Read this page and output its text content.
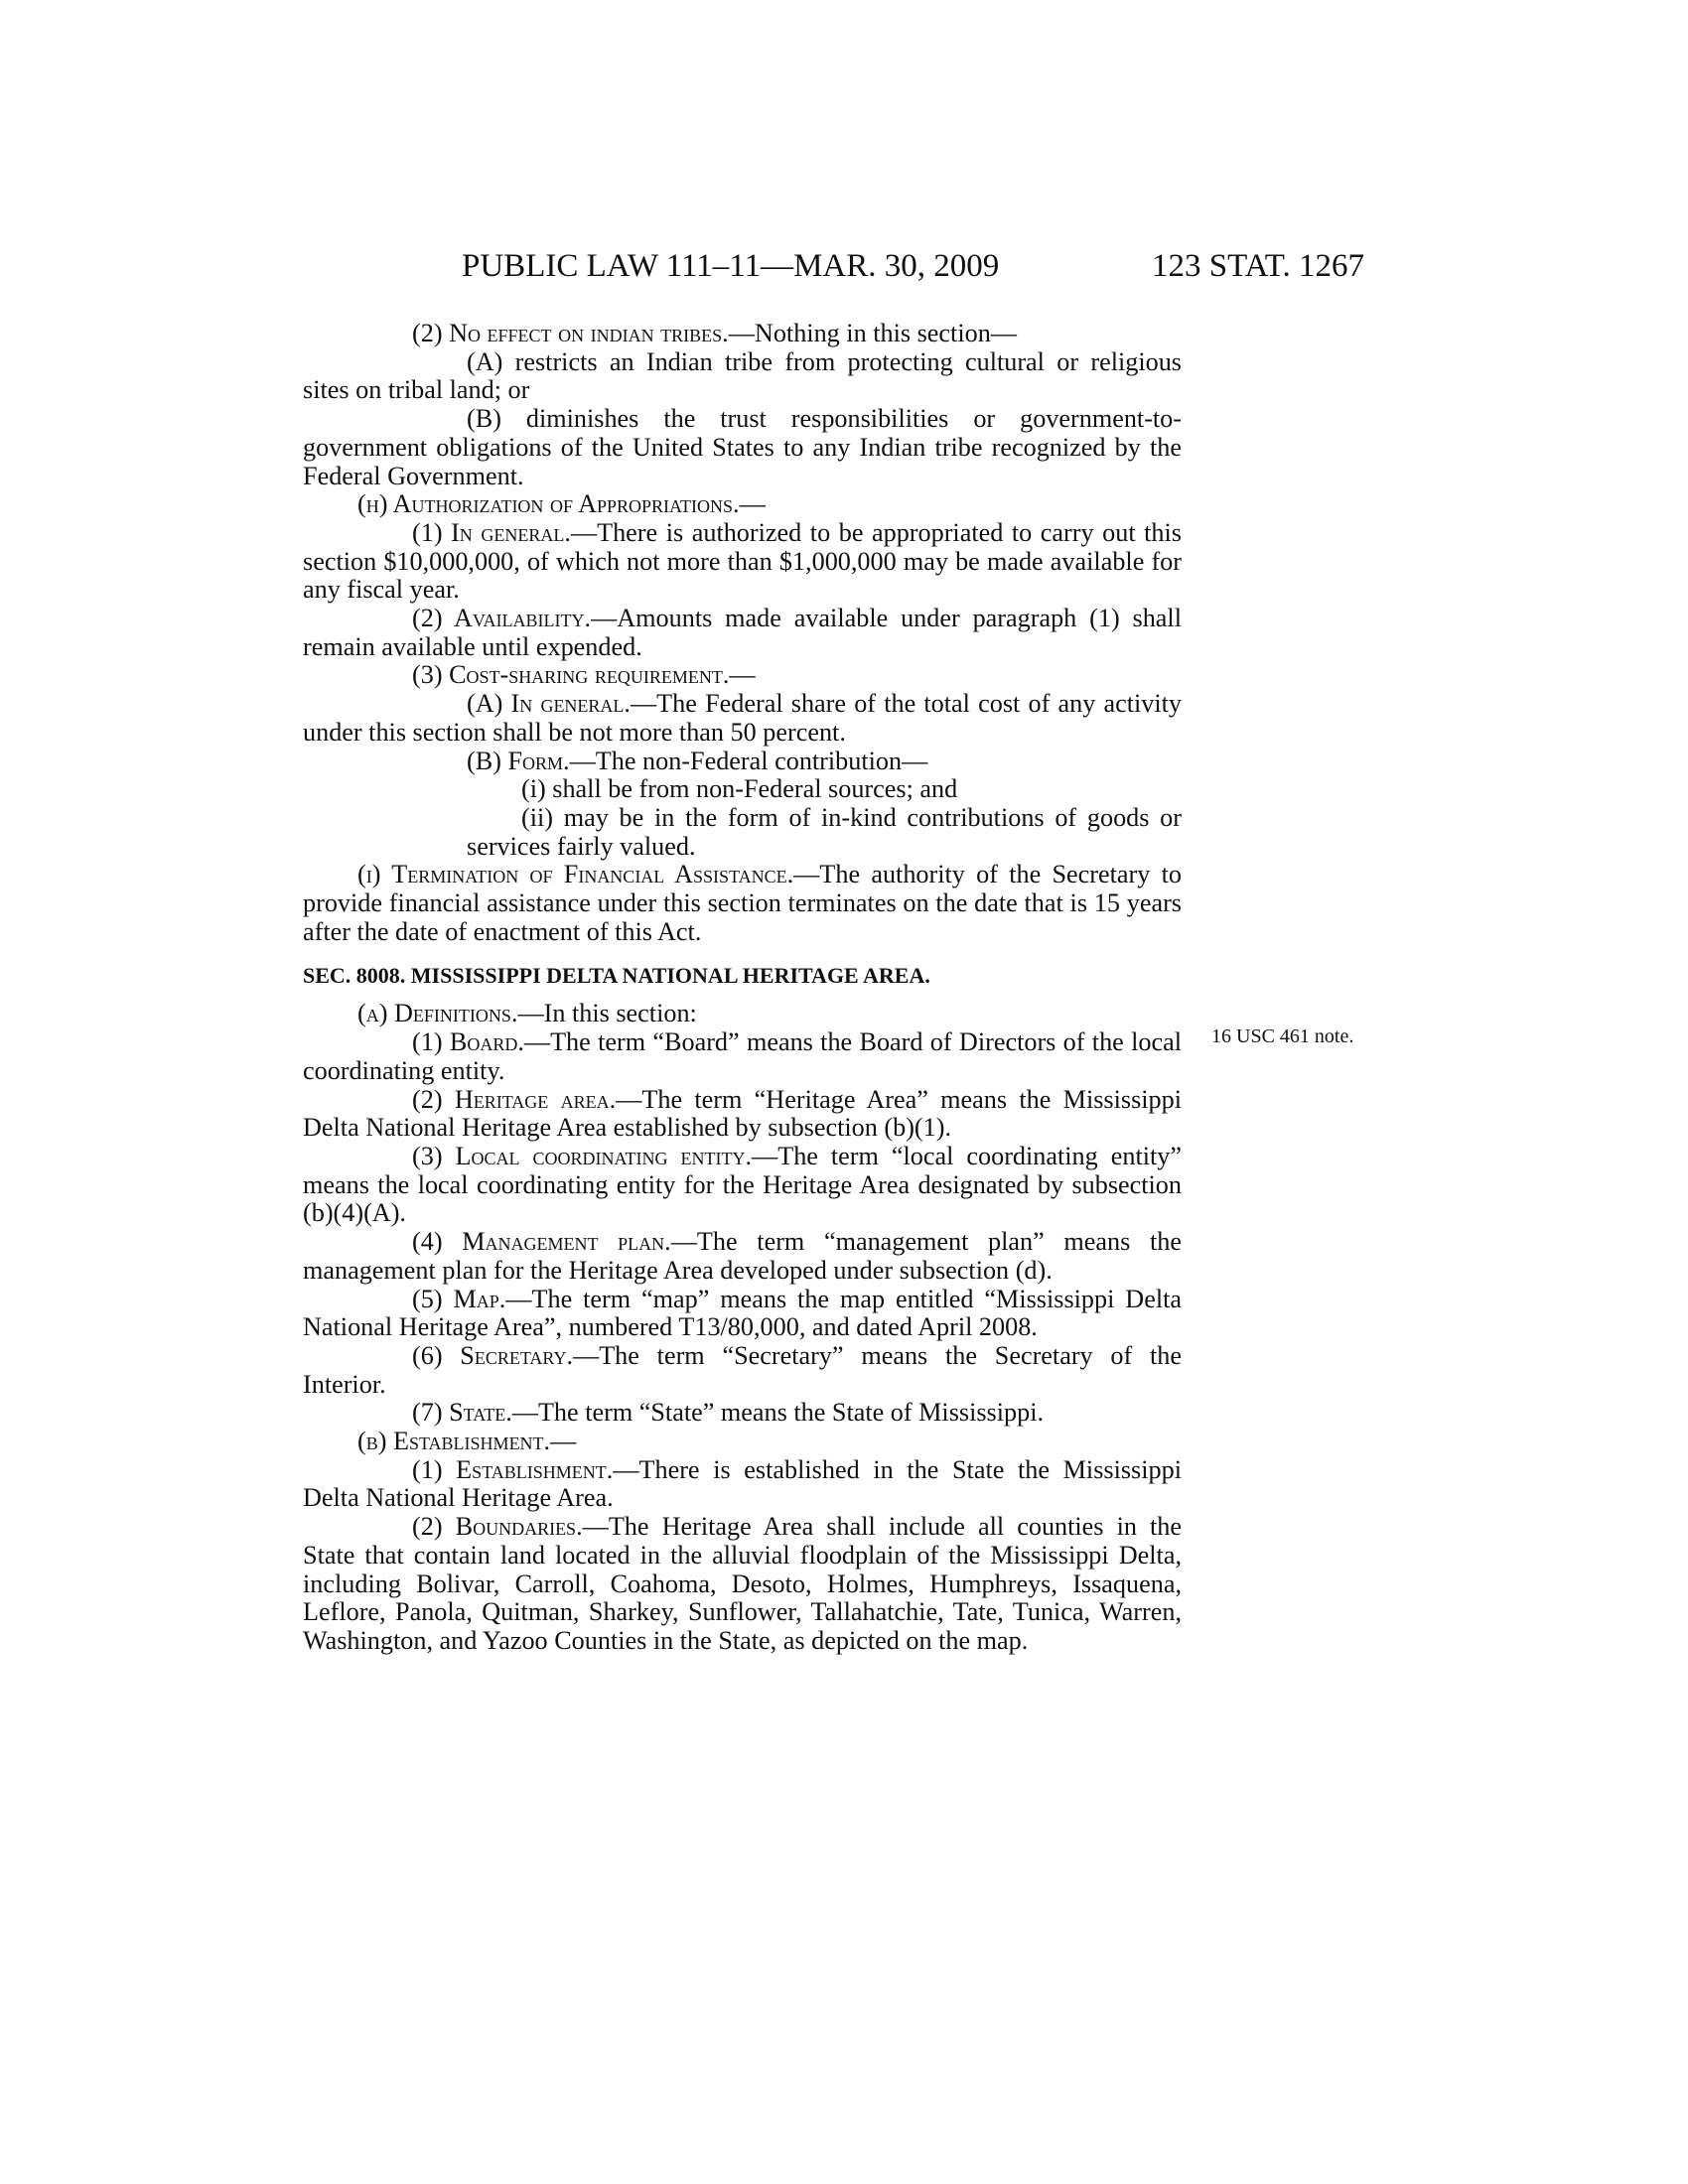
PUBLIC LAW 111–11—MAR. 30, 2009	123 STAT. 1267
16 USC 461 note.

(2) No effect on indian tribes.—Nothing in this section—

(A) restricts an Indian tribe from protecting cultural or religious sites on tribal land; or

(B) diminishes the trust responsibilities or government-to-government obligations of the United States to any Indian tribe recognized by the Federal Government.

(h) Authorization of Appropriations.—

(1) In general.—There is authorized to be appropriated to carry out this section $10,000,000, of which not more than $1,000,000 may be made available for any fiscal year.

(2) Availability.—Amounts made available under paragraph (1) shall remain available until expended.

(3) Cost-sharing requirement.—

(A) In general.—The Federal share of the total cost of any activity under this section shall be not more than 50 percent.

(B) Form.—The non-Federal contribution—

(i) shall be from non-Federal sources; and

(ii) may be in the form of in-kind contributions of goods or services fairly valued.

(i) Termination of Financial Assistance.—The authority of the Secretary to provide financial assistance under this section terminates on the date that is 15 years after the date of enactment of this Act.

SEC. 8008. MISSISSIPPI DELTA NATIONAL HERITAGE AREA.

(a) Definitions.—In this section:

(1) Board.—The term “Board” means the Board of Directors of the local coordinating entity.

(2) Heritage area.—The term “Heritage Area” means the Mississippi Delta National Heritage Area established by subsection (b)(1).

(3) Local coordinating entity.—The term “local coordinating entity” means the local coordinating entity for the Heritage Area designated by subsection (b)(4)(A).

(4) Management plan.—The term “management plan” means the management plan for the Heritage Area developed under subsection (d).

(5) Map.—The term “map” means the map entitled “Mississippi Delta National Heritage Area”, numbered T13/80,000, and dated April 2008.

(6) Secretary.—The term “Secretary” means the Secretary of the Interior.

(7) State.—The term “State” means the State of Mississippi.

(b) Establishment.—

(1) Establishment.—There is established in the State the Mississippi Delta National Heritage Area.

(2) Boundaries.—The Heritage Area shall include all counties in the State that contain land located in the alluvial floodplain of the Mississippi Delta, including Bolivar, Carroll, Coahoma, Desoto, Holmes, Humphreys, Issaquena, Leflore, Panola, Quitman, Sharkey, Sunflower, Tallahatchie, Tate, Tunica, Warren, Washington, and Yazoo Counties in the State, as depicted on the map.
